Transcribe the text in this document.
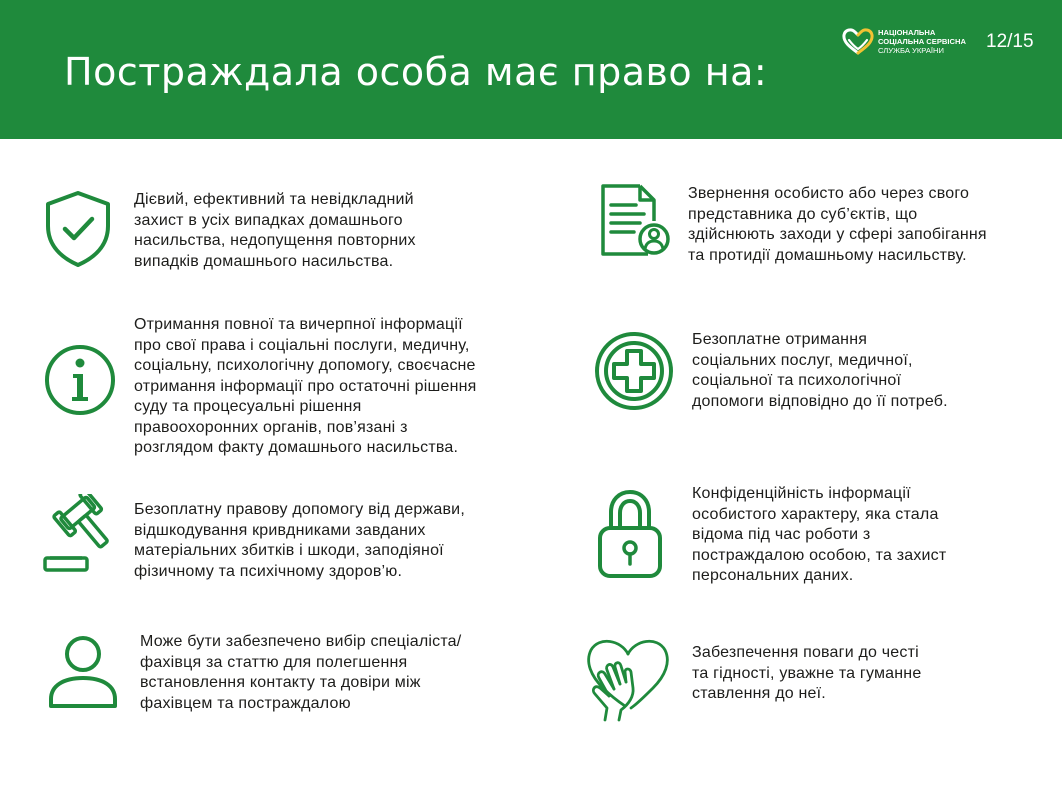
Постраждала особа має право на:
НАЦІОНАЛЬНА
СОЦІАЛЬНА СЕРВІСНА
СЛУЖБА УКРАЇНИ	12/15
Дієвий, ефективний та невідкладний
захист в усіх випадках домашнього
насильства, недопущення повторних
випадків домашнього насильства.
Отримання повної та вичерпної інформації
про свої права і соціальні послуги, медичну,
соціальну, психологічну допомогу, своєчасне
отримання інформації про остаточні рішення
суду та процесуальні рішення
правоохоронних органів, пов’язані з
розглядом факту домашнього насильства.
Безоплатну правову допомогу від держави,
відшкодування кривдниками завданих
матеріальних збитків і шкоди, заподіяної
фізичному та психічному здоров’ю.
Може бути забезпечено вибір спеціаліста/
фахівця за статтю для полегшення
встановлення контакту та довіри між
фахівцем та постраждалою
Звернення особисто або через свого
представника до суб’єктів, що
здійснюють заходи у сфері запобігання
та протидії домашньому насильству.
Безоплатне отримання
соціальних послуг, медичної,
соціальної та психологічної
допомоги відповідно до її потреб.
Конфіденційність інформації
особистого характеру, яка стала
відома під час роботи з
постраждалою особою, та захист
персональних даних.
Забезпечення поваги до честі
та гідності, уважне та гуманне
ставлення до неї.
